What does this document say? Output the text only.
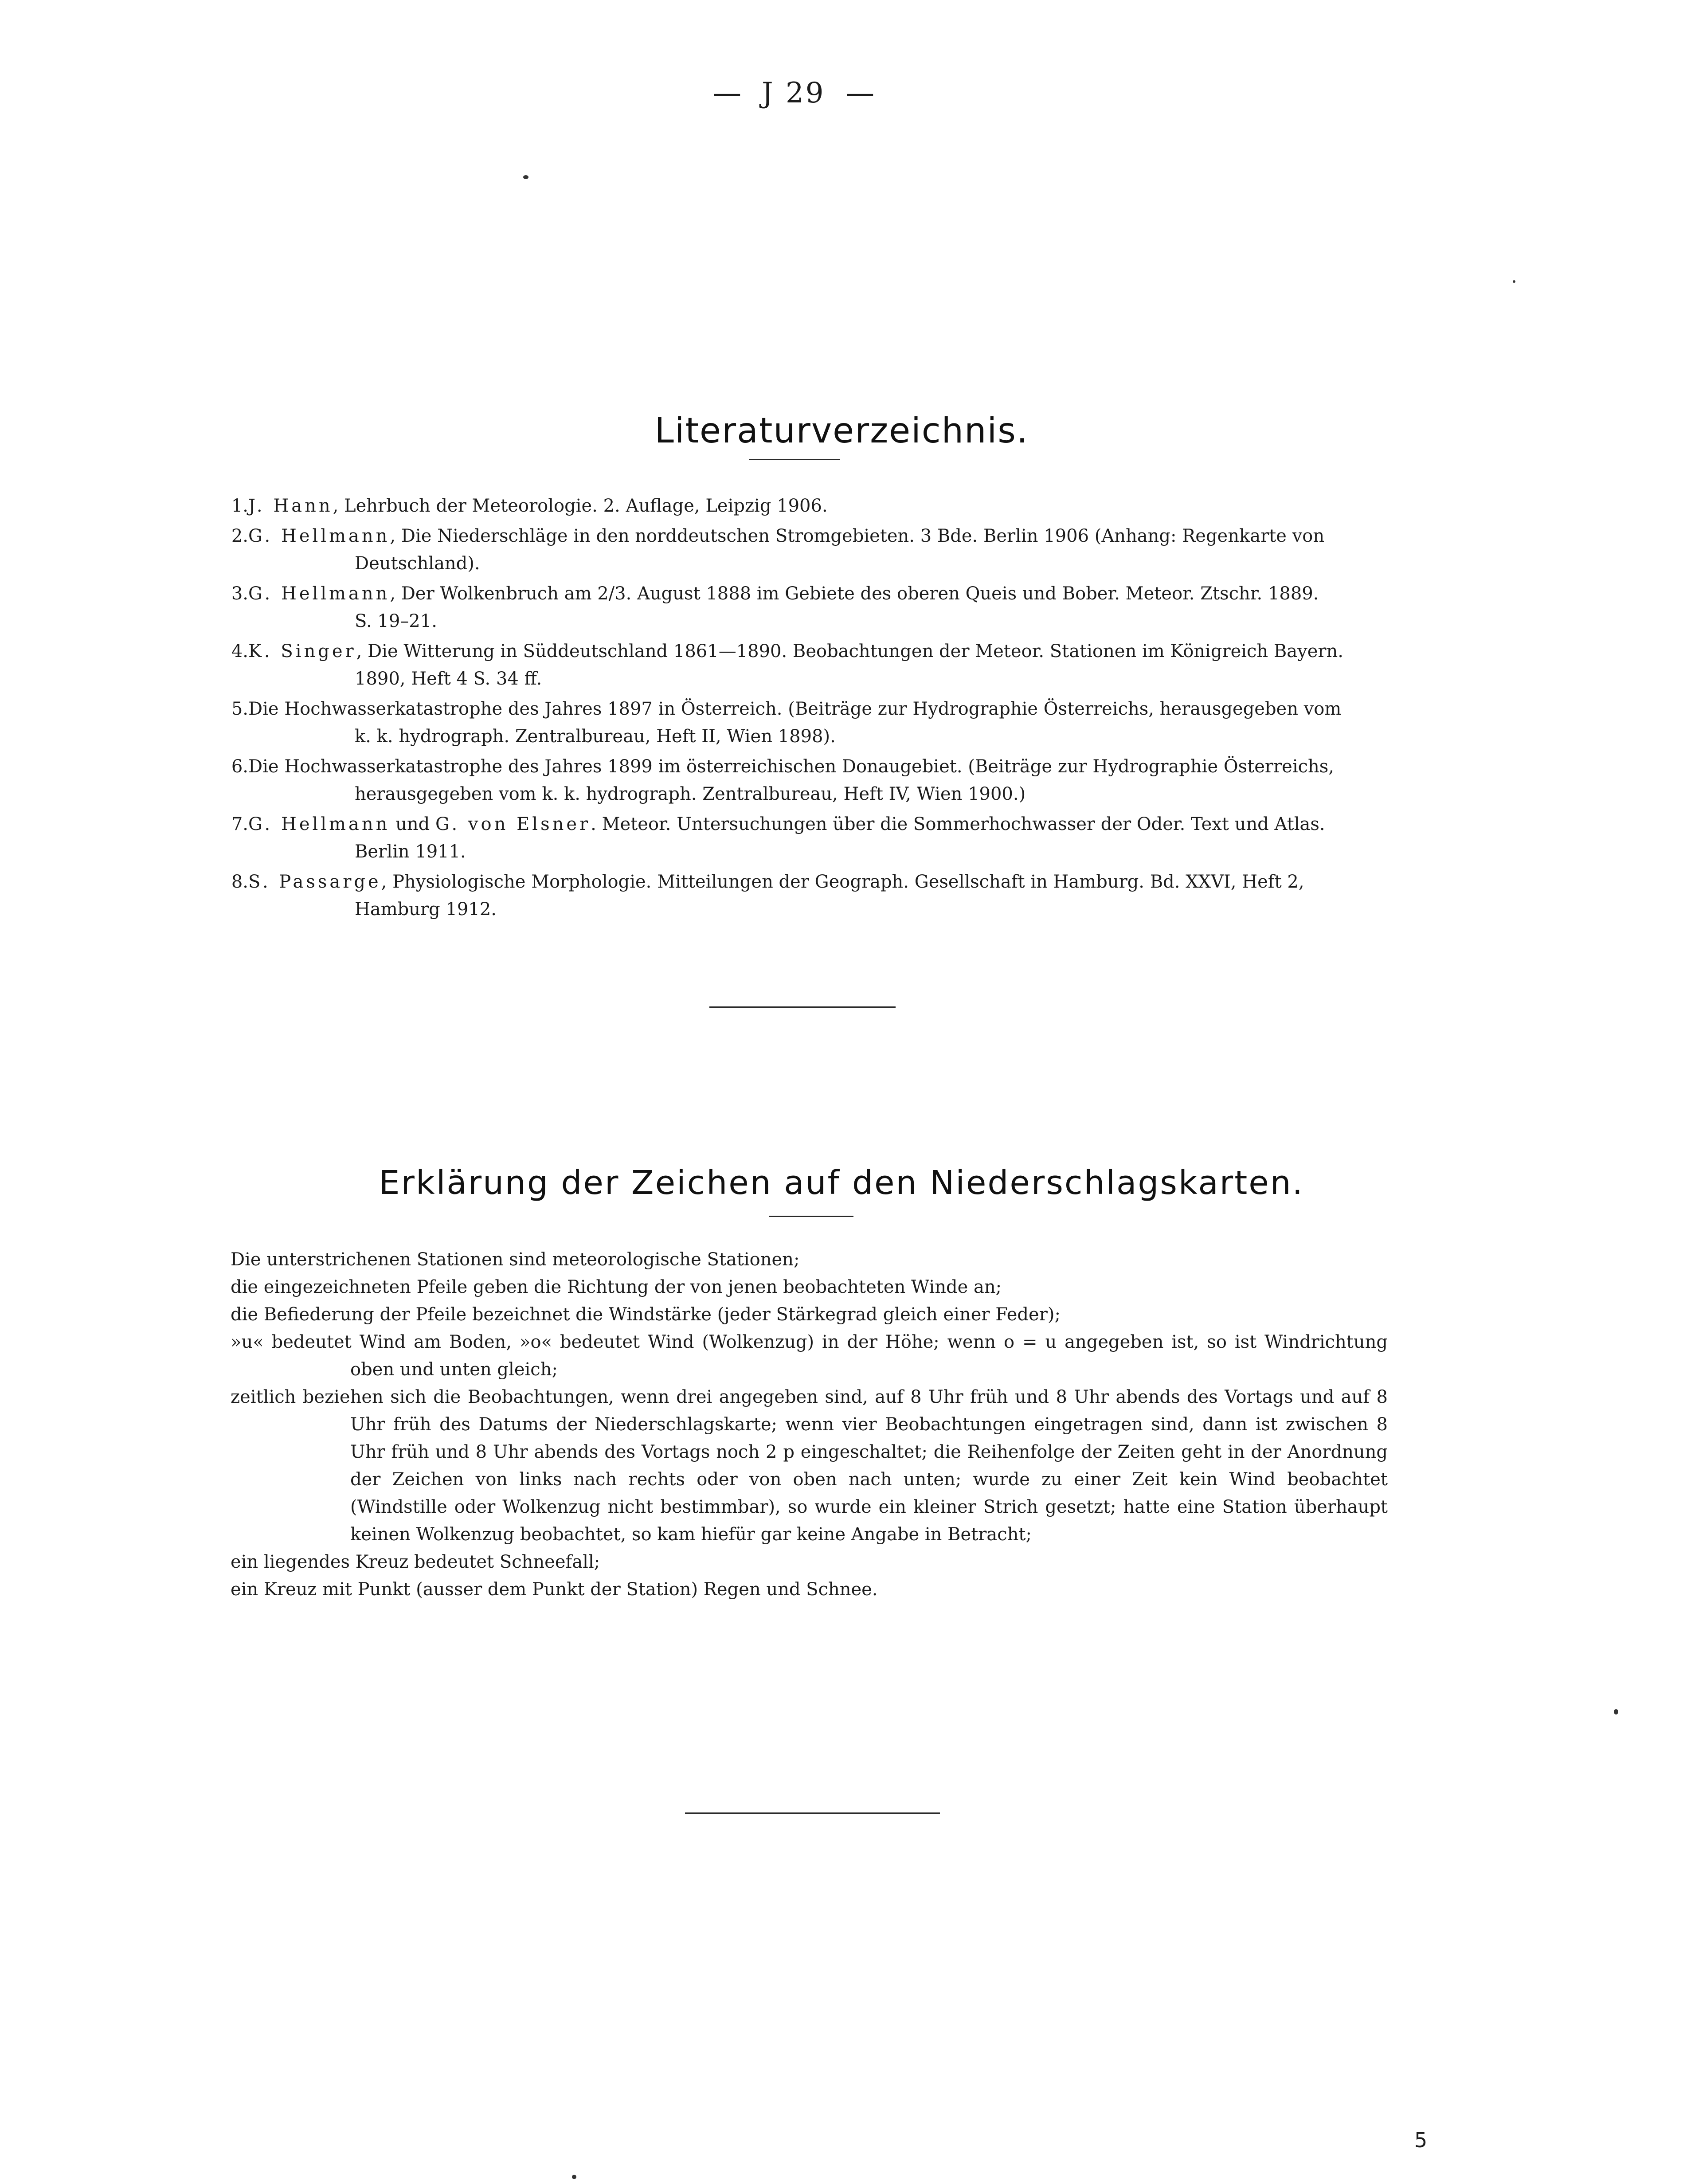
— J 29 —
Literaturverzeichnis.
1. J. Hann, Lehrbuch der Meteorologie. 2. Auflage, Leipzig 1906.
2. G. Hellmann, Die Niederschläge in den norddeutschen Stromgebieten. 3 Bde. Berlin 1906 (Anhang: Regenkarte von
Deutschland).
3. G. Hellmann, Der Wolkenbruch am 2/3. August 1888 im Gebiete des oberen Queis und Bober. Meteor. Ztschr. 1889.
S. 19–21.
4. K. Singer, Die Witterung in Süddeutschland 1861—1890. Beobachtungen der Meteor. Stationen im Königreich Bayern.
1890, Heft 4 S. 34 ff.
5. Die Hochwasserkatastrophe des Jahres 1897 in Österreich. (Beiträge zur Hydrographie Österreichs, herausgegeben vom
k. k. hydrograph. Zentralbureau, Heft II, Wien 1898).
6. Die Hochwasserkatastrophe des Jahres 1899 im österreichischen Donaugebiet. (Beiträge zur Hydrographie Österreichs,
herausgegeben vom k. k. hydrograph. Zentralbureau, Heft IV, Wien 1900.)
7. G. Hellmann und G. von Elsner. Meteor. Untersuchungen über die Sommerhochwasser der Oder. Text und Atlas.
Berlin 1911.
8. S. Passarge, Physiologische Morphologie. Mitteilungen der Geograph. Gesellschaft in Hamburg. Bd. XXVI, Heft 2,
Hamburg 1912.
Erklärung der Zeichen auf den Niederschlagskarten.

Die unterstrichenen Stationen sind meteorologische Stationen;

die eingezeichneten Pfeile geben die Richtung der von jenen beobachteten Winde an;

die Befiederung der Pfeile bezeichnet die Windstärke (jeder Stärkegrad gleich einer Feder);

»u« bedeutet Wind am Boden, »o« bedeutet Wind (Wolkenzug) in der Höhe; wenn o = u angegeben ist, so ist Windrichtung oben und unten gleich;

zeitlich beziehen sich die Beobachtungen, wenn drei angegeben sind, auf 8 Uhr früh und 8 Uhr abends des Vortags und auf 8 Uhr früh des Datums der Niederschlagskarte; wenn vier Beobachtungen eingetragen sind, dann ist zwischen 8 Uhr früh und 8 Uhr abends des Vortags noch 2 p eingeschaltet; die Reihenfolge der Zeiten geht in der Anordnung der Zeichen von links nach rechts oder von oben nach unten; wurde zu einer Zeit kein Wind beobachtet (Windstille oder Wolkenzug nicht bestimmbar), so wurde ein kleiner Strich gesetzt; hatte eine Station überhaupt keinen Wolkenzug beobachtet, so kam hiefür gar keine Angabe in Betracht;

ein liegendes Kreuz bedeutet Schneefall;

ein Kreuz mit Punkt (ausser dem Punkt der Station) Regen und Schnee.

5
